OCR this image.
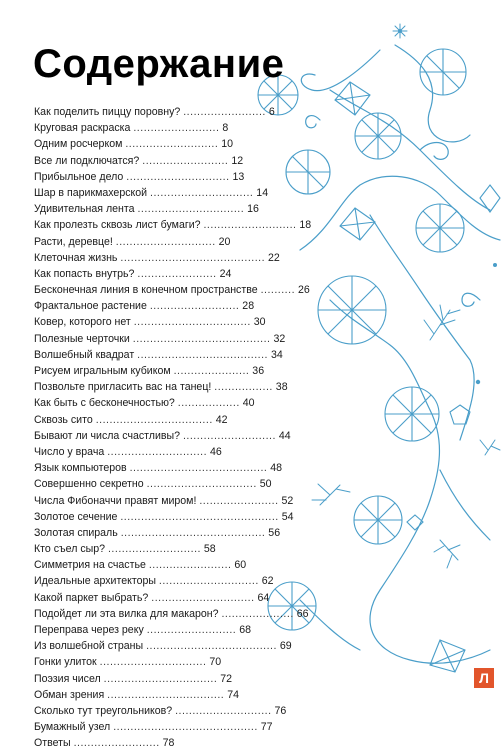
Содержание
Как поделить пиццу поровну? ........................ 6
Круговая раскраска ......................... 8
Одним росчерком ........................... 10
Все ли подключатся? ......................... 12
Прибыльное дело .............................. 13
Шар в парикмахерской .............................. 14
Удивительная лента ............................... 16
Как пролезть сквозь лист бумаги? ........................... 18
Расти, деревце! ............................. 20
Клеточная жизнь .......................................... 22
Как попасть внутрь? ....................... 24
Бесконечная линия в конечном пространстве .......... 26
Фрактальное растение .......................... 28
Ковер, которого нет .................................. 30
Полезные черточки ........................................ 32
Волшебный квадрат ...................................... 34
Рисуем игральным кубиком ...................... 36
Позвольте пригласить вас на танец! ................. 38
Как быть с бесконечностью? .................. 40
Сквозь сито .................................. 42
Бывают ли числа счастливы? ........................... 44
Число у врача ............................. 46
Язык компьютеров ........................................ 48
Совершенно секретно ................................ 50
Числа Фибоначчи правят миром! ....................... 52
Золотое сечение .............................................. 54
Золотая спираль .......................................... 56
Кто съел сыр? ........................... 58
Симметрия на счастье ........................ 60
Идеальные архитекторы ............................. 62
Какой паркет выбрать? .............................. 64
Подойдет ли эта вилка для макарон? ..................... 66
Переправа через реку .......................... 68
Из волшебной страны ...................................... 69
Гонки улиток ............................... 70
Поэзия чисел ................................. 72
Обман зрения .................................. 74
Сколько тут треугольников? ............................ 76
Бумажный узел .......................................... 77
Ответы ......................... 78
Л
